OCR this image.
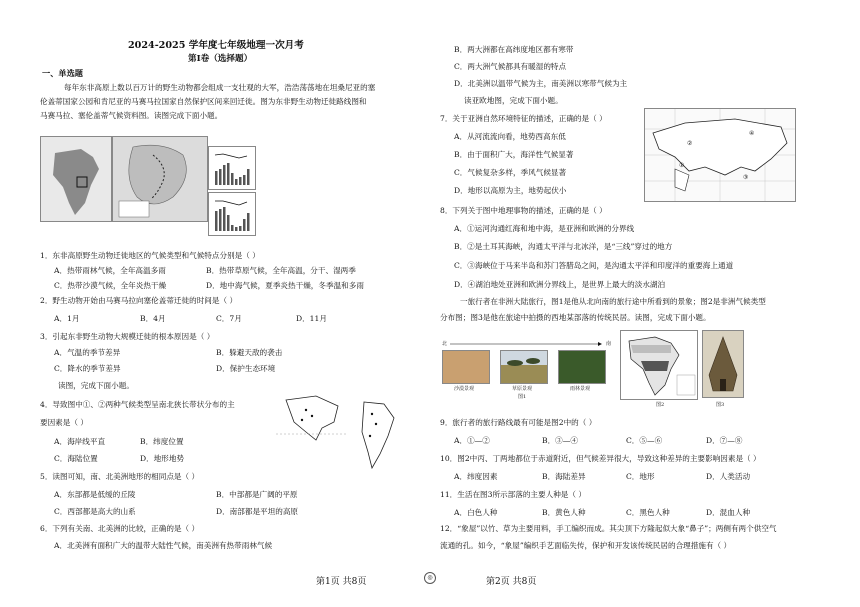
2024-2025 学年度七年级地理一次月考
第Ⅰ卷（选择题）
一、单选题
每年东非高原上数以百万计的野生动物都会组成一支壮观的大军，浩浩荡荡地在坦桑尼亚的塞
伦盖蒂国家公园和肯尼亚的马赛马拉国家自然保护区间来回迁徙。图为东非野生动物迁徙路线图和
马赛马拉、塞伦盖蒂气候资料图。读图完成下面小题。
1．东非高原野生动物迁徙地区的气候类型和气候特点分别是（ ）
A．热带雨林气候，全年高温多雨	B．热带草原气候，全年高温，分干、湿两季
C．热带沙漠气候，全年炎热干燥	D．地中海气候，夏季炎热干燥，冬季温和多雨
2．野生动物开始由马赛马拉向塞伦盖蒂迁徙的时间是（ ）
A．1月	B．4月	C．7月	D．11月
3．引起东非野生动物大规模迁徙的根本原因是（ ）
A．气温的季节差异	B．躲避天敌的袭击
C．降水的季节差异	D．保护生态环境
读图，完成下面小题。
4．导致图中①、②两种气候类型呈南北狭长带状分布的主
要因素是（ ）
A．海岸线平直	B．纬度位置
C．海陆位置	D．地形地势
5．读图可知，南、北美洲地形的相同点是（ ）
A．东部都是低缓的丘陵	B．中部都是广阔的平原
C．西部都是高大的山系	D．南部都是平坦的高原
6．下列有关南、北美洲的比较，正确的是（ ）
A．北美洲有面积广大的温带大陆性气候，南美洲有热带雨林气候
第1页 共8页	◎
B．两大洲都在高纬度地区都有寒带
C．两大洲气候都具有暖湿的特点
D．北美洲以温带气候为主，南美洲以寒带气候为主
读亚欧地图，完成下面小题。
7．关于亚洲自然环境特征的描述，正确的是（ ）
A．从河流流向看，地势西高东低
B．由于面积广大，海洋性气候显著
C．气候复杂多样，季风气候显著
D．地形以高原为主，地势起伏小
①
②
③
④
8．下列关于图中地理事物的描述，正确的是（ ）
A．①运河沟通红海和地中海，是亚洲和欧洲的分界线
B．②是土耳其海峡，沟通太平洋与北冰洋，是“三线”穿过的地方
C．③海峡位于马来半岛和苏门答腊岛之间，是沟通太平洋和印度洋的重要海上通道
D．④湖泊地处亚洲和欧洲分界线上，是世界上最大的淡水湖泊
一旅行者在非洲大陆旅行，图1是他从北向南的旅行途中所看到的景象；图2是非洲气候类型
分布图；图3是他在旅途中拍摄的西地某部落的传统民居。读图，完成下面小题。
北	南
沙漠景观	草原景观	雨林景观
图1
图2	图3
9．旅行者的旅行路线最有可能是图2中的（ ）
A．①—②	B．③—④	C．⑤—⑥	D．⑦—⑧
10．图2中丙、丁两地都位于赤道附近，但气候差异很大，导致这种差异的主要影响因素是（ ）
A．纬度因素	B．海陆差异	C．地形	D．人类活动
11．生活在图3所示部落的主要人种是（ ）
A．白色人种	B．黄色人种	C．黑色人种	D．混血人种
12．“象屋”以竹、草为主要用料，手工编织而成。其尖顶下方隆起似大象“鼻子”；两侧有两个供空气
流通的孔。如今，“象屋”编织手艺面临失传，保护和开发该传统民居的合理措施有（ ）
第2页 共8页
